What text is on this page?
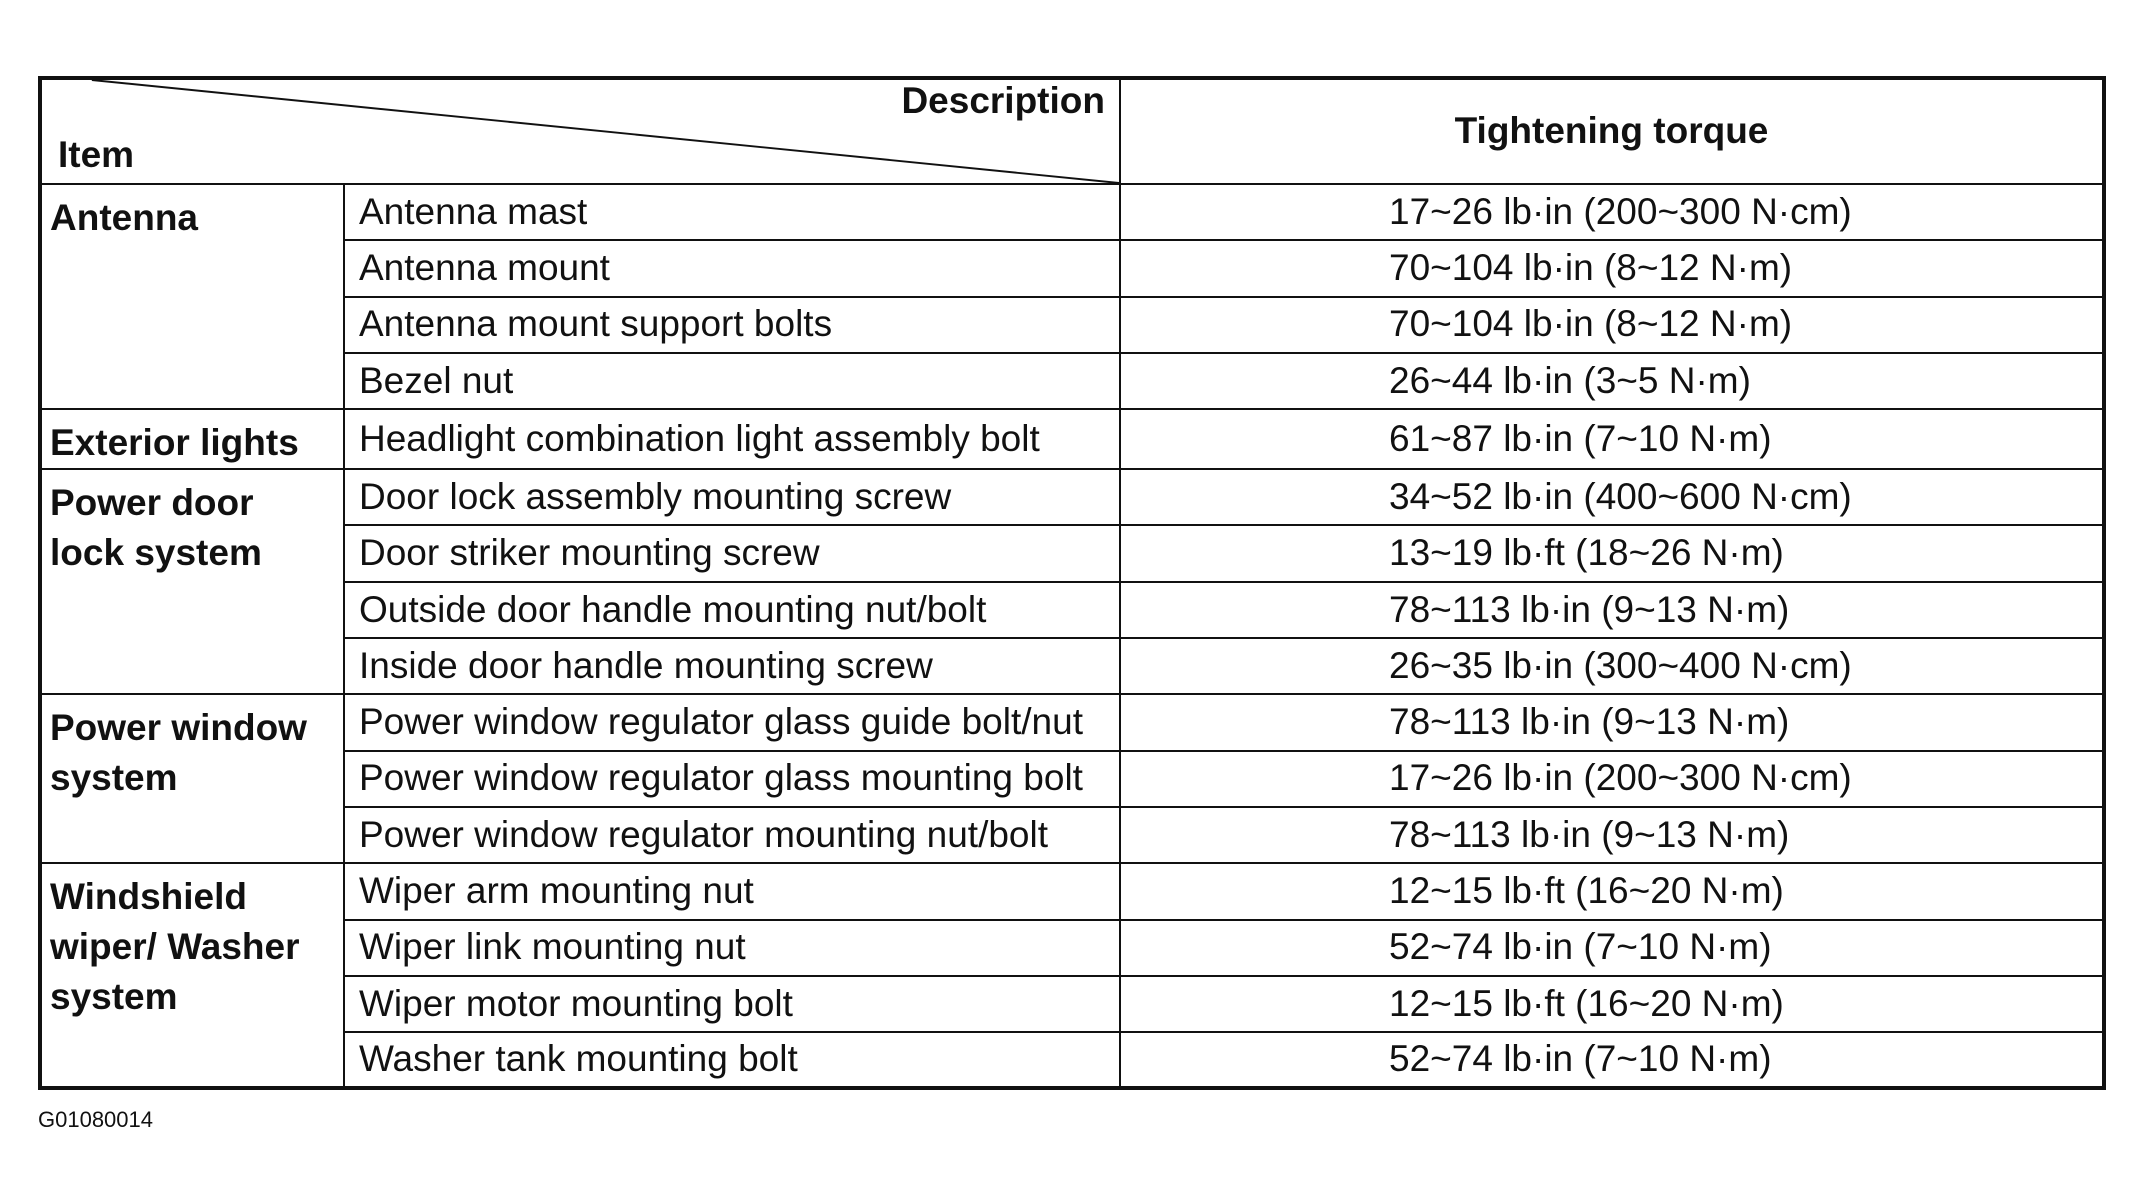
Description
Item		Tightening torque
Antenna	Antenna mast	17~26 lb·in (200~300 N·cm)
	Antenna mount	70~104 lb·in (8~12 N·m)
	Antenna mount support bolts	70~104 lb·in (8~12 N·m)
	Bezel nut	26~44 lb·in (3~5 N·m)
Exterior lights	Headlight combination light assembly bolt	61~87 lb·in (7~10 N·m)
Power door lock system	Door lock assembly mounting screw	34~52 lb·in (400~600 N·cm)
	Door striker mounting screw	13~19 lb·ft (18~26 N·m)
	Outside door handle mounting nut/bolt	78~113 lb·in (9~13 N·m)
	Inside door handle mounting screw	26~35 lb·in (300~400 N·cm)
Power window system	Power window regulator glass guide bolt/nut	78~113 lb·in (9~13 N·m)
	Power window regulator glass mounting bolt	17~26 lb·in (200~300 N·cm)
	Power window regulator mounting nut/bolt	78~113 lb·in (9~13 N·m)
Windshield wiper/ Washer system	Wiper arm mounting nut	12~15 lb·ft (16~20 N·m)
	Wiper link mounting nut	52~74 lb·in (7~10 N·m)
	Wiper motor mounting bolt	12~15 lb·ft (16~20 N·m)
	Washer tank mounting bolt	52~74 lb·in (7~10 N·m)
G01080014
